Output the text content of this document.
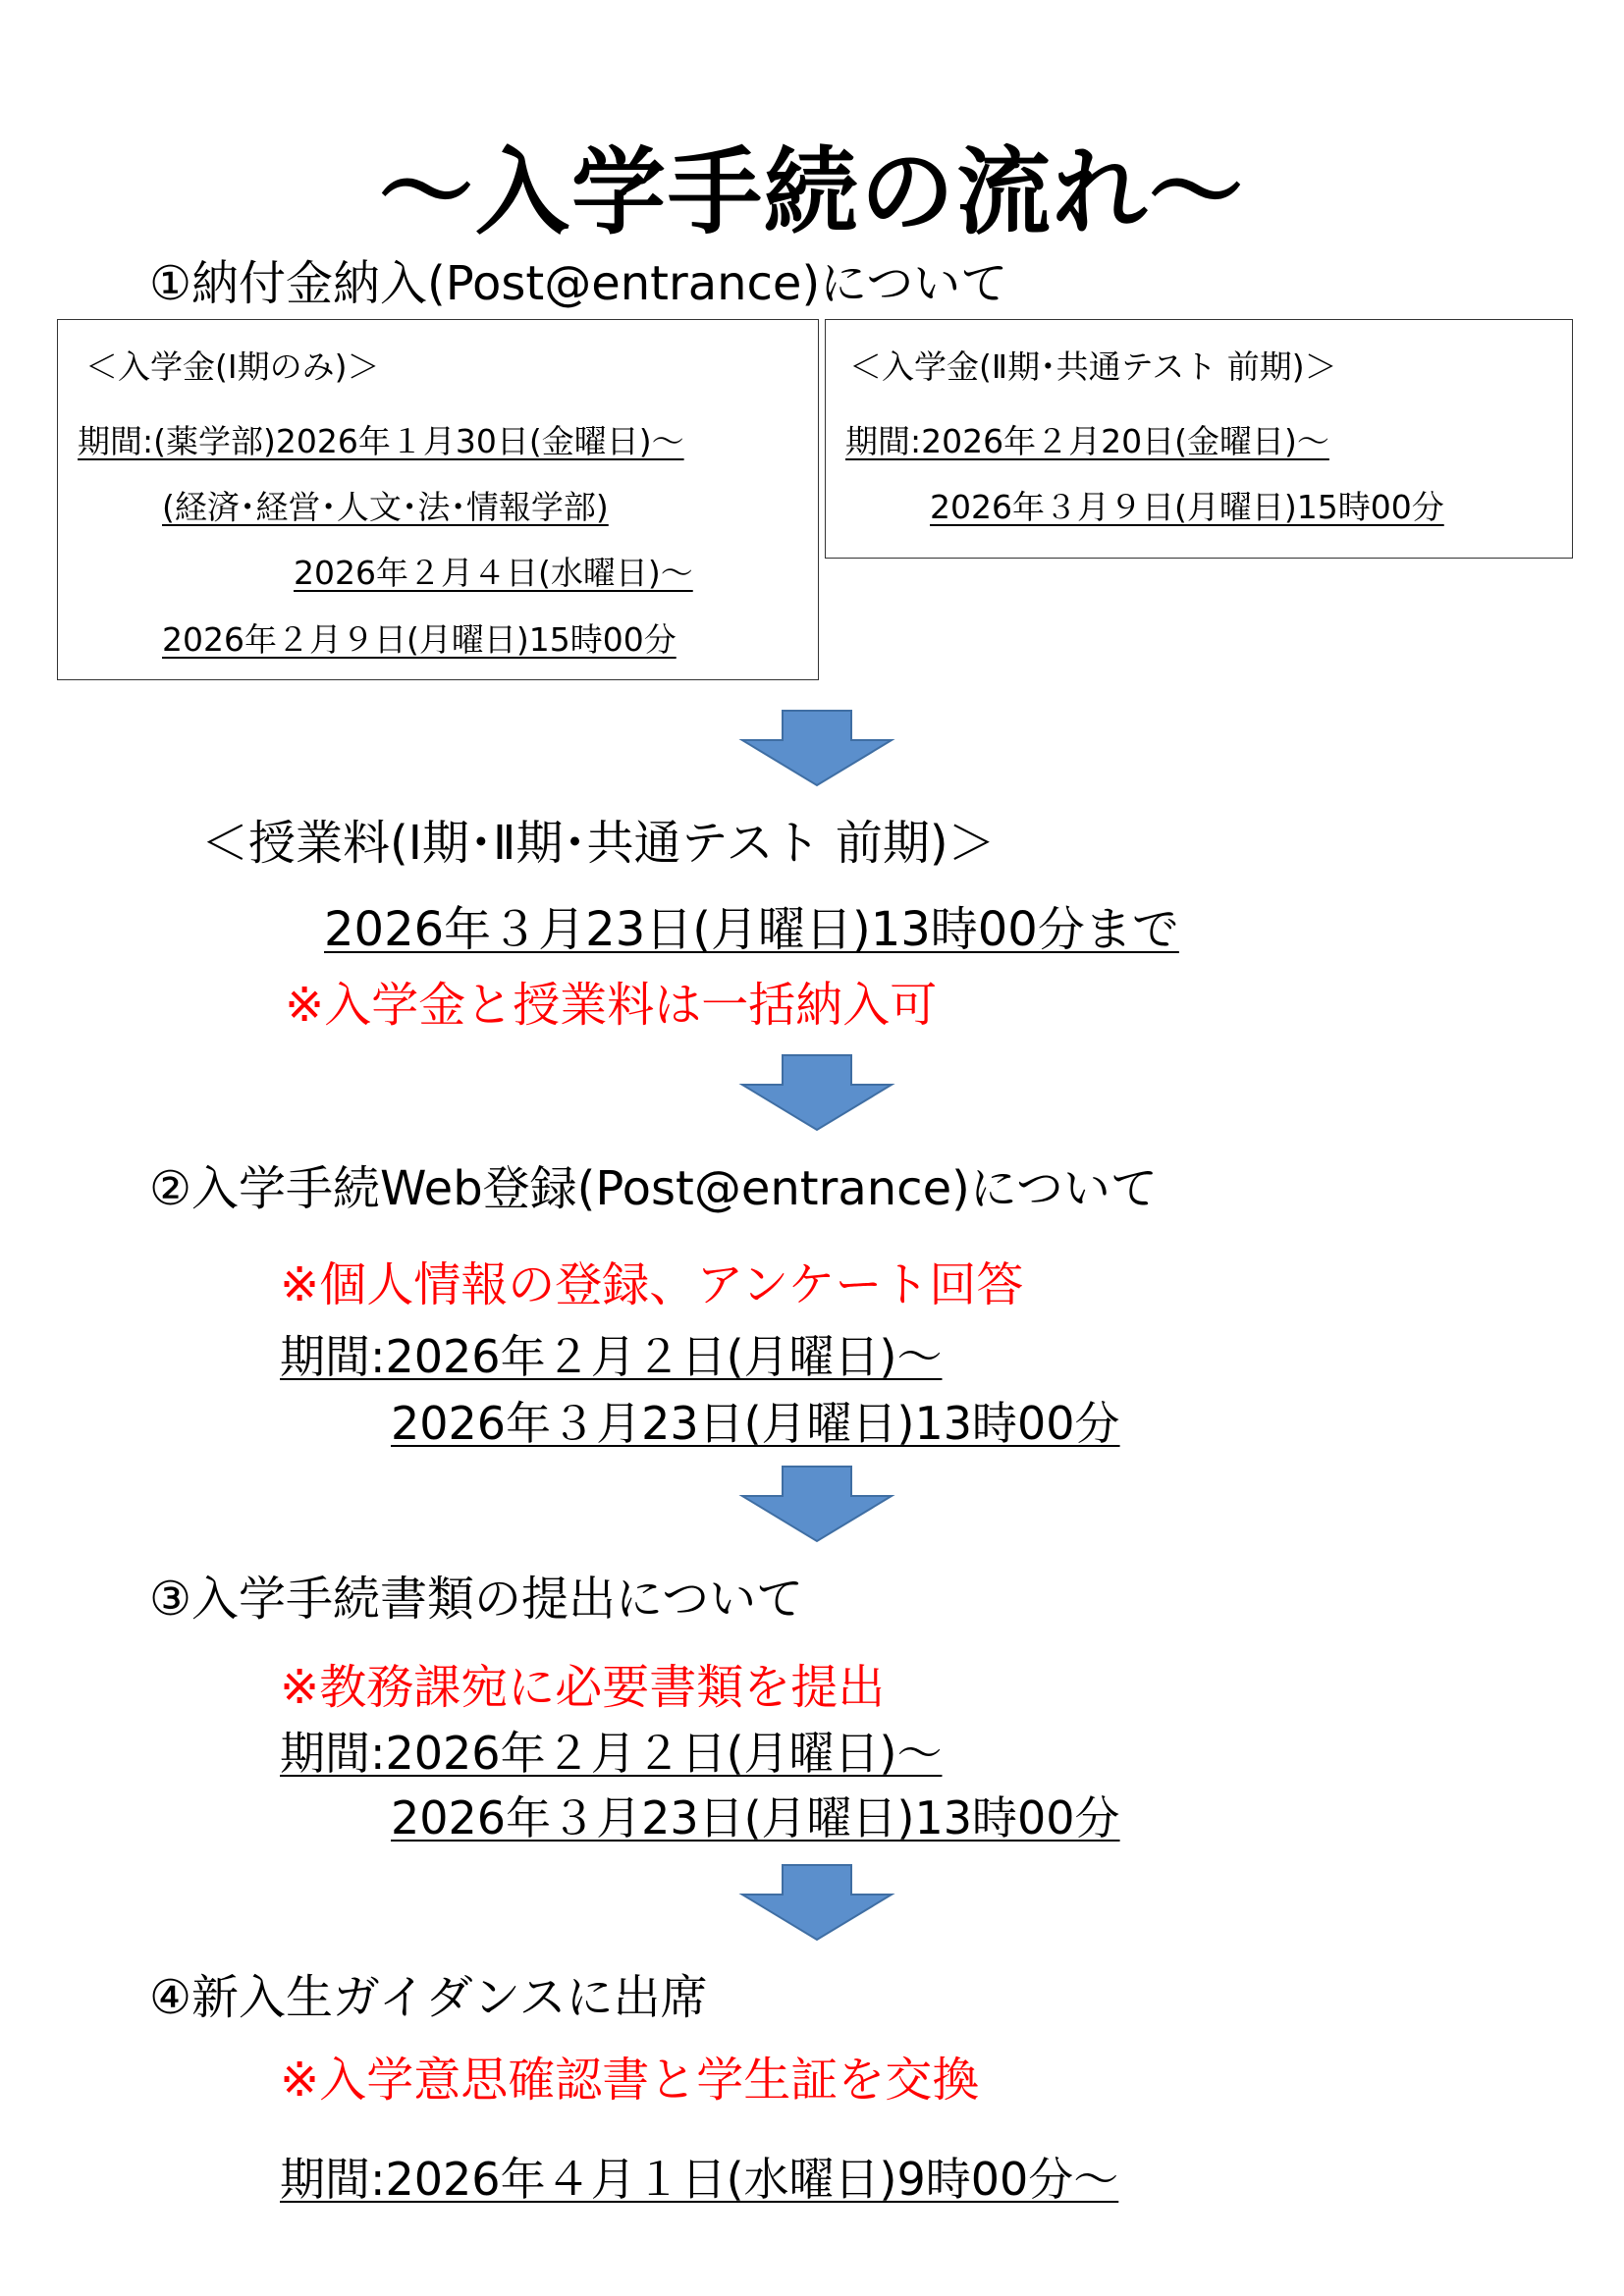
～入学手続の流れ～
①納付金納入(Post@entrance)について
＜入学金(Ⅰ期のみ)＞
期間:(薬学部)2026年１月30日(金曜日)～
(経済･経営･人文･法･情報学部)
2026年２月４日(水曜日)～
2026年２月９日(月曜日)15時00分
＜入学金(Ⅱ期･共通テスト 前期)＞
期間:2026年２月20日(金曜日)～
2026年３月９日(月曜日)15時00分
＜授業料(Ⅰ期･Ⅱ期･共通テスト 前期)＞
2026年３月23日(月曜日)13時00分まで
※入学金と授業料は一括納入可
②入学手続Web登録(Post@entrance)について
※個人情報の登録、アンケート回答
期間:2026年２月２日(月曜日)～
2026年３月23日(月曜日)13時00分
③入学手続書類の提出について
※教務課宛に必要書類を提出
期間:2026年２月２日(月曜日)～
2026年３月23日(月曜日)13時00分
④新入生ガイダンスに出席
※入学意思確認書と学生証を交換
期間:2026年４月１日(水曜日)9時00分～
